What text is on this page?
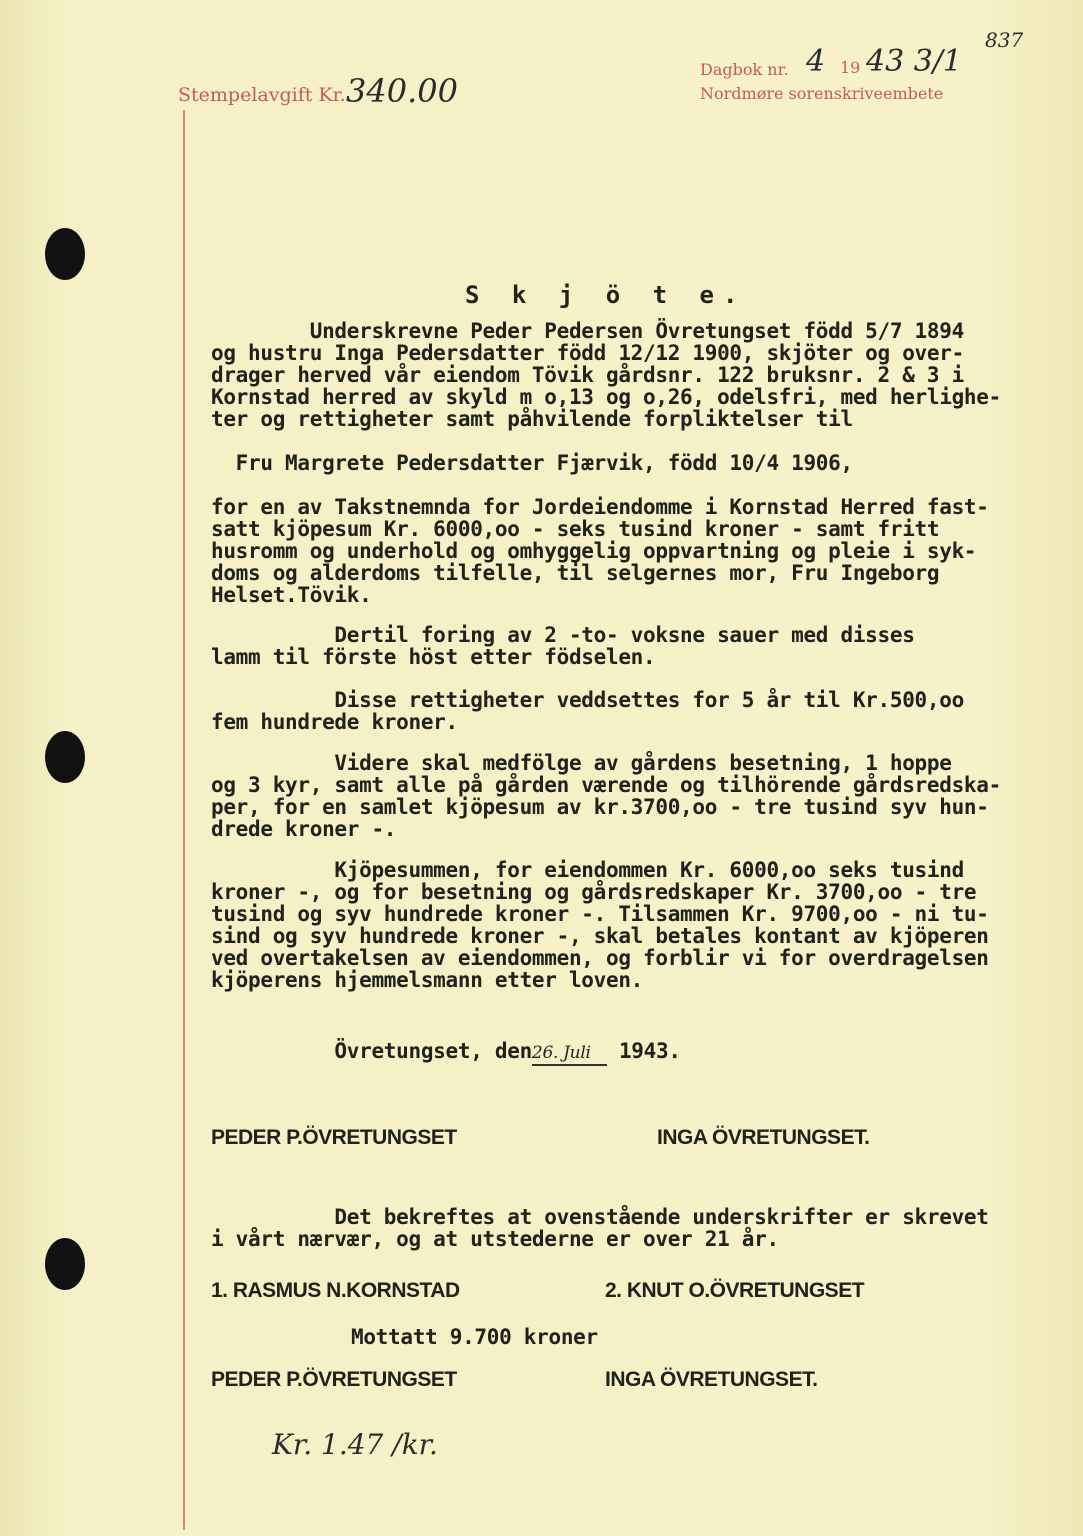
Stempelavgift Kr. 340.00
Dagbok nr. 4 19 43 3/1
837
Nordmøre sorenskriveembete
S k j ö t e.
Underskrevne Peder Pedersen Övretungset född 5/7 1894
og hustru Inga Pedersdatter född 12/12 1900, skjöter og over-
drager herved vår eiendom Tövik gårdsnr. 122 bruksnr. 2 & 3 i
Kornstad herred av skyld m o,13 og o,26, odelsfri, med herlighe-
ter og rettigheter samt påhvilende forpliktelser til
Fru Margrete Pedersdatter Fjærvik, född 10/4 1906,
for en av Takstnemnda for Jordeiendomme i Kornstad Herred fast-
satt kjöpesum Kr. 6000,oo - seks tusind kroner - samt fritt
husromm og underhold og omhyggelig oppvartning og pleie i syk-
doms og alderdoms tilfelle, til selgernes mor, Fru Ingeborg
Helset.Tövik.
Dertil foring av 2 -to- voksne sauer med disses
lamm til förste höst etter födselen.
Disse rettigheter veddsettes for 5 år til Kr.500,oo
fem hundrede kroner.
Videre skal medfölge av gårdens besetning, 1 hoppe
og 3 kyr, samt alle på gården værende og tilhörende gårdsredska-
per, for en samlet kjöpesum av kr.3700,oo - tre tusind syv hun-
drede kroner -.
Kjöpesummen, for eiendommen Kr. 6000,oo seks tusind
kroner -, og for besetning og gårdsredskaper Kr. 3700,oo - tre
tusind og syv hundrede kroner -. Tilsammen Kr. 9700,oo - ni tu-
sind og syv hundrede kroner -, skal betales kontant av kjöperen
ved overtakelsen av eiendommen, og forblir vi for overdragelsen
kjöperens hjemmelsmann etter loven.
Övretungset, den26. Juli 1943.
PEDER P.ÖVRETUNGSET	INGA ÖVRETUNGSET.
Det bekreftes at ovenstående underskrifter er skrevet
i vårt nærvær, og at utstederne er over 21 år.
1. RASMUS N.KORNSTAD	2. KNUT O.ÖVRETUNGSET
Mottatt 9.700 kroner
PEDER P.ÖVRETUNGSET	INGA ÖVRETUNGSET.
Kr. 1.47 /kr.
